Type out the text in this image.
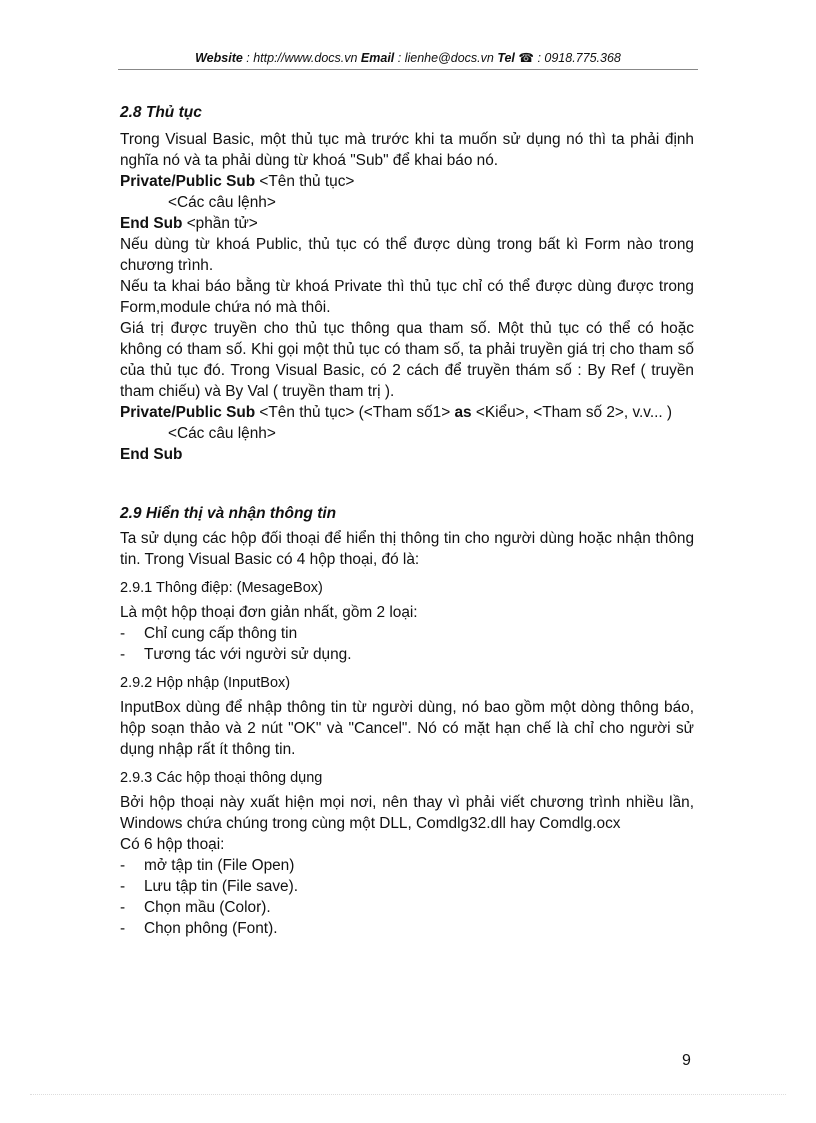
Website : http://www.docs.vn Email : lienhe@docs.vn Tel ☎ : 0918.775.368

2.8 Thủ tục

Trong Visual Basic, một thủ tục mà trước khi ta muốn sử dụng nó thì ta phải định nghĩa nó và ta phải dùng từ khoá "Sub" để khai báo nó.

Private/Public Sub <Tên thủ tục>
<Các câu lệnh>
End Sub <phần tử>

Nếu dùng từ khoá Public, thủ tục có thể được dùng trong bất kì Form nào trong chương trình.

Nếu ta khai báo bằng từ khoá Private thì thủ tục chỉ có thể được dùng được trong Form,module chứa nó mà thôi.

Giá trị được truyền cho thủ tục thông qua tham số. Một thủ tục có thể có hoặc không có tham số. Khi gọi một thủ tục có tham số, ta phải truyền giá trị cho tham số của thủ tục đó. Trong Visual Basic, có 2 cách để truyền thám số : By Ref ( truyền tham chiếu) và By Val ( truyền tham trị ).

Private/Public Sub <Tên thủ tục> (<Tham số1> as <Kiểu>, <Tham số 2>, v.v... )

<Các câu lệnh>
End Sub

2.9 Hiển thị và nhận thông tin

Ta sử dụng các hộp đối thoại để hiển thị thông tin cho người dùng hoặc nhận thông tin. Trong Visual Basic có 4 hộp thoại, đó là:

2.9.1 Thông điệp: (MesageBox)

Là một hộp thoại đơn giản nhất, gồm 2 loại:

-	Chỉ cung cấp thông tin
-	Tương tác với người sử dụng.

2.9.2 Hộp nhập (InputBox)

InputBox dùng để nhập thông tin từ người dùng, nó bao gồm một dòng thông báo, hộp soạn thảo và 2 nút "OK" và "Cancel". Nó có mặt hạn chế là chỉ cho người sử dụng nhập rất ít thông tin.

2.9.3 Các hộp thoại thông dụng

Bởi hộp thoại này xuất hiện mọi nơi, nên thay vì phải viết chương trình nhiều lần, Windows chứa chúng trong cùng một DLL, Comdlg32.dll hay Comdlg.ocx

Có 6 hộp thoại:

-	mở tập tin (File Open)
-	Lưu tập tin (File save).
-	Chọn mầu (Color).
-	Chọn phông (Font).
9
